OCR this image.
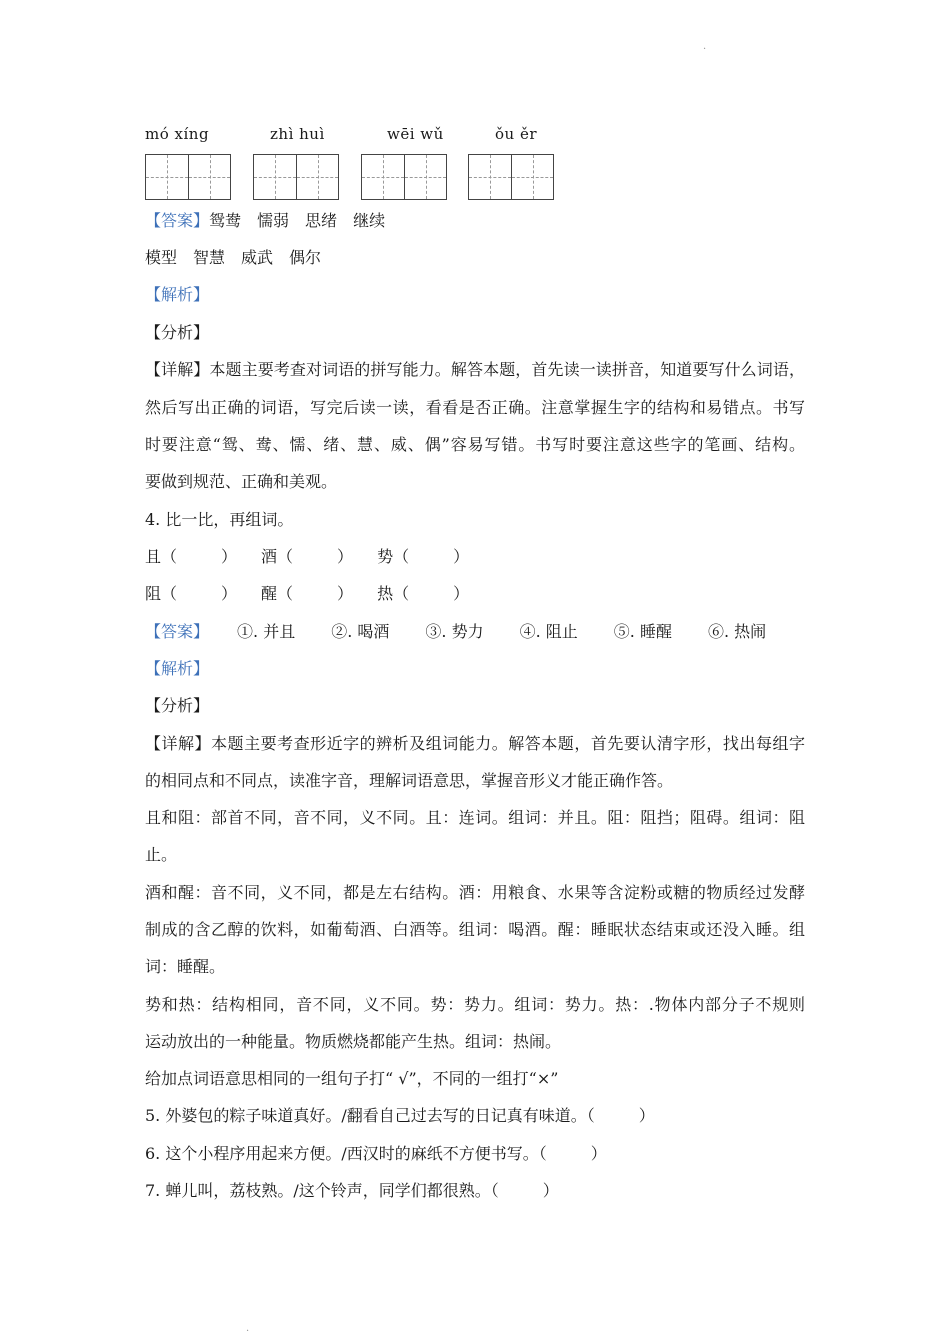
·
mó xíng	zhì huì	wēi wǔ	ǒu ěr
【答案】鸳鸯 懦弱 思绪 继续
模型 智慧 威武 偶尔
【解析】
【分析】
【详解】本题主要考查对词语的拼写能力。解答本题，首先读一读拼音，知道要写什么词语，
然后写出正确的词语，写完后读一读，看看是否正确。注意掌握生字的结构和易错点。书写
时要注意“鸳、鸯、懦、绪、慧、威、偶”容易写错。书写时要注意这些字的笔画、结构。
要做到规范、正确和美观。
4. 比一比，再组词。
且（	） 酒（	） 势（	）
阻（	） 醒（	） 热（	）
【答案】 ①. 并且 ②. 喝酒 ③. 势力 ④. 阻止 ⑤. 睡醒 ⑥. 热闹
【解析】
【分析】
【详解】本题主要考查形近字的辨析及组词能力。解答本题，首先要认清字形，找出每组字
的相同点和不同点，读准字音，理解词语意思，掌握音形义才能正确作答。
且和阻：部首不同，音不同，义不同。且：连词。组词：并且。阻：阻挡；阻碍。组词：阻
止。
酒和醒：音不同，义不同，都是左右结构。酒：用粮食、水果等含淀粉或糖的物质经过发酵
制成的含乙醇的饮料，如葡萄酒、白酒等。组词：喝酒。醒：睡眠状态结束或还没入睡。组
词：睡醒。
势和热：结构相同，音不同，义不同。势：势力。组词：势力。热：.物体内部分子不规则
运动放出的一种能量。物质燃烧都能产生热。组词：热闹。
给加点词语意思相同的一组句子打“ √”，不同的一组打“×”
5. 外婆包的粽子味道真好。/翻看自己过去写的日记真有味道。（	）
6. 这个小程序用起来方便。/西汉时的麻纸不方便书写。（	）
7. 蝉儿叫，荔枝熟。/这个铃声，同学们都很熟。（	）
·
